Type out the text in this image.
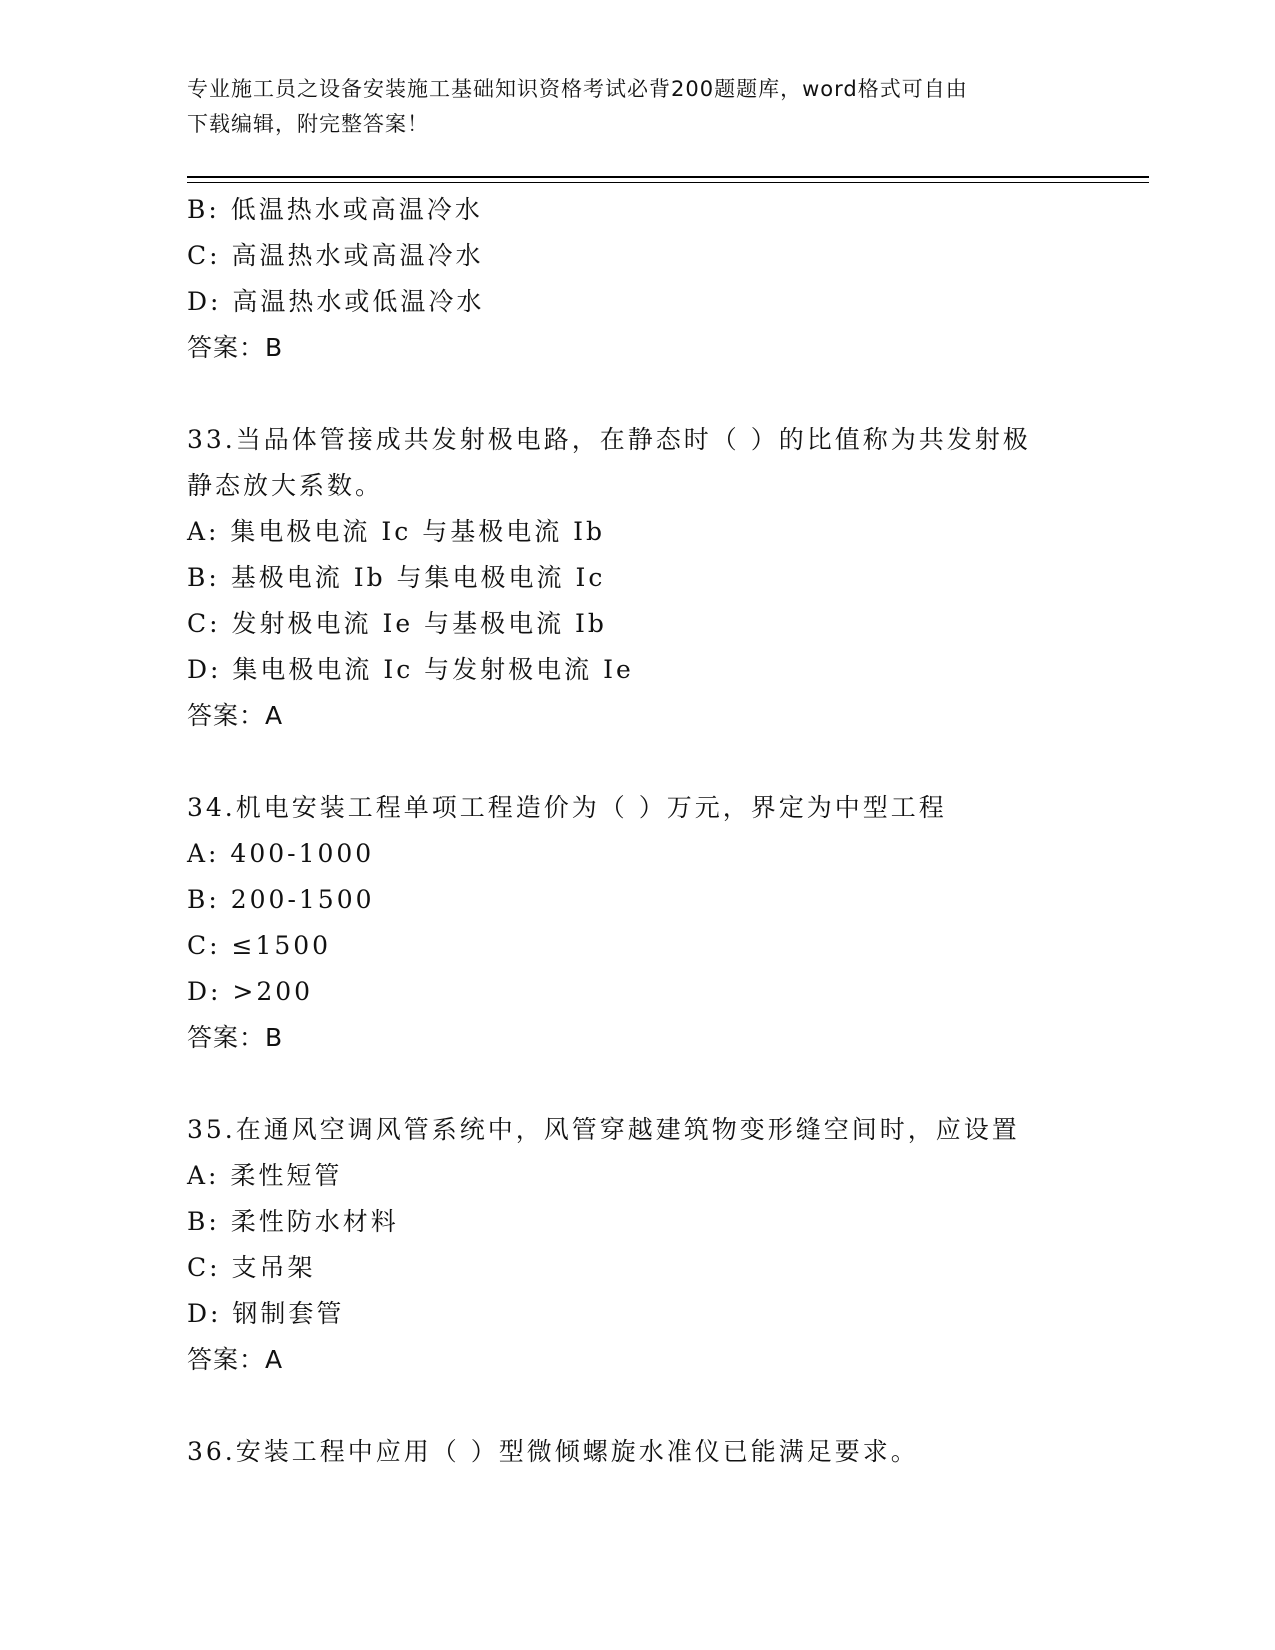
专业施工员之设备安装施工基础知识资格考试必背200题题库，word格式可自由
下载编辑，附完整答案！
B: 低温热水或高温冷水
C: 高温热水或高温冷水
D: 高温热水或低温冷水
答案：B
33.当品体管接成共发射极电路，在静态时（ ）的比值称为共发射极
静态放大系数。
A: 集电极电流 Ic 与基极电流 Ib
B: 基极电流 Ib 与集电极电流 Ic
C: 发射极电流 Ie 与基极电流 Ib
D: 集电极电流 Ic 与发射极电流 Ie
答案：A
34.机电安装工程单项工程造价为（ ）万元，界定为中型工程
A: 400-1000
B: 200-1500
C: ≤1500
D: >200
答案：B
35.在通风空调风管系统中，风管穿越建筑物变形缝空间时，应设置
A: 柔性短管
B: 柔性防水材料
C: 支吊架
D: 钢制套管
答案：A
36.安装工程中应用（ ）型微倾螺旋水准仪已能满足要求。
